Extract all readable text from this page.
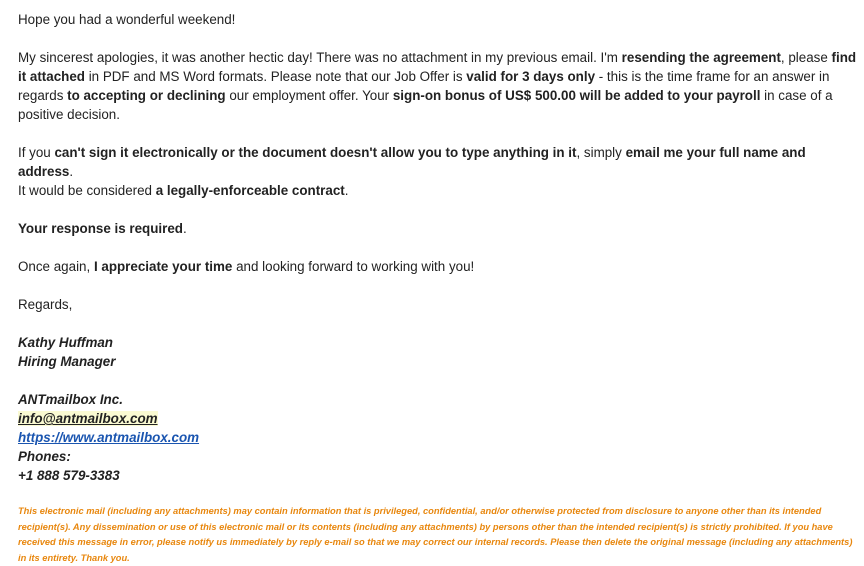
Hope you had a wonderful weekend!

My sincerest apologies, it was another hectic day! There was no attachment in my previous email. I'm resending the agreement, please find it attached in PDF and MS Word formats. Please note that our Job Offer is valid for 3 days only - this is the time frame for an answer in regards to accepting or declining our employment offer. Your sign-on bonus of US$ 500.00 will be added to your payroll in case of a positive decision.

If you can't sign it electronically or the document doesn't allow you to type anything in it, simply email me your full name and address.
It would be considered a legally-enforceable contract.

Your response is required.

Once again, I appreciate your time and looking forward to working with you!

Regards,

Kathy Huffman
Hiring Manager
ANTmailbox Inc.
info@antmailbox.com
https://www.antmailbox.com
Phones:
+1 888 579-3383
This electronic mail (including any attachments) may contain information that is privileged, confidential, and/or otherwise protected from disclosure to anyone other than its intended recipient(s). Any dissemination or use of this electronic mail or its contents (including any attachments) by persons other than the intended recipient(s) is strictly prohibited. If you have received this message in error, please notify us immediately by reply e-mail so that we may correct our internal records. Please then delete the original message (including any attachments) in its entirety. Thank you.
